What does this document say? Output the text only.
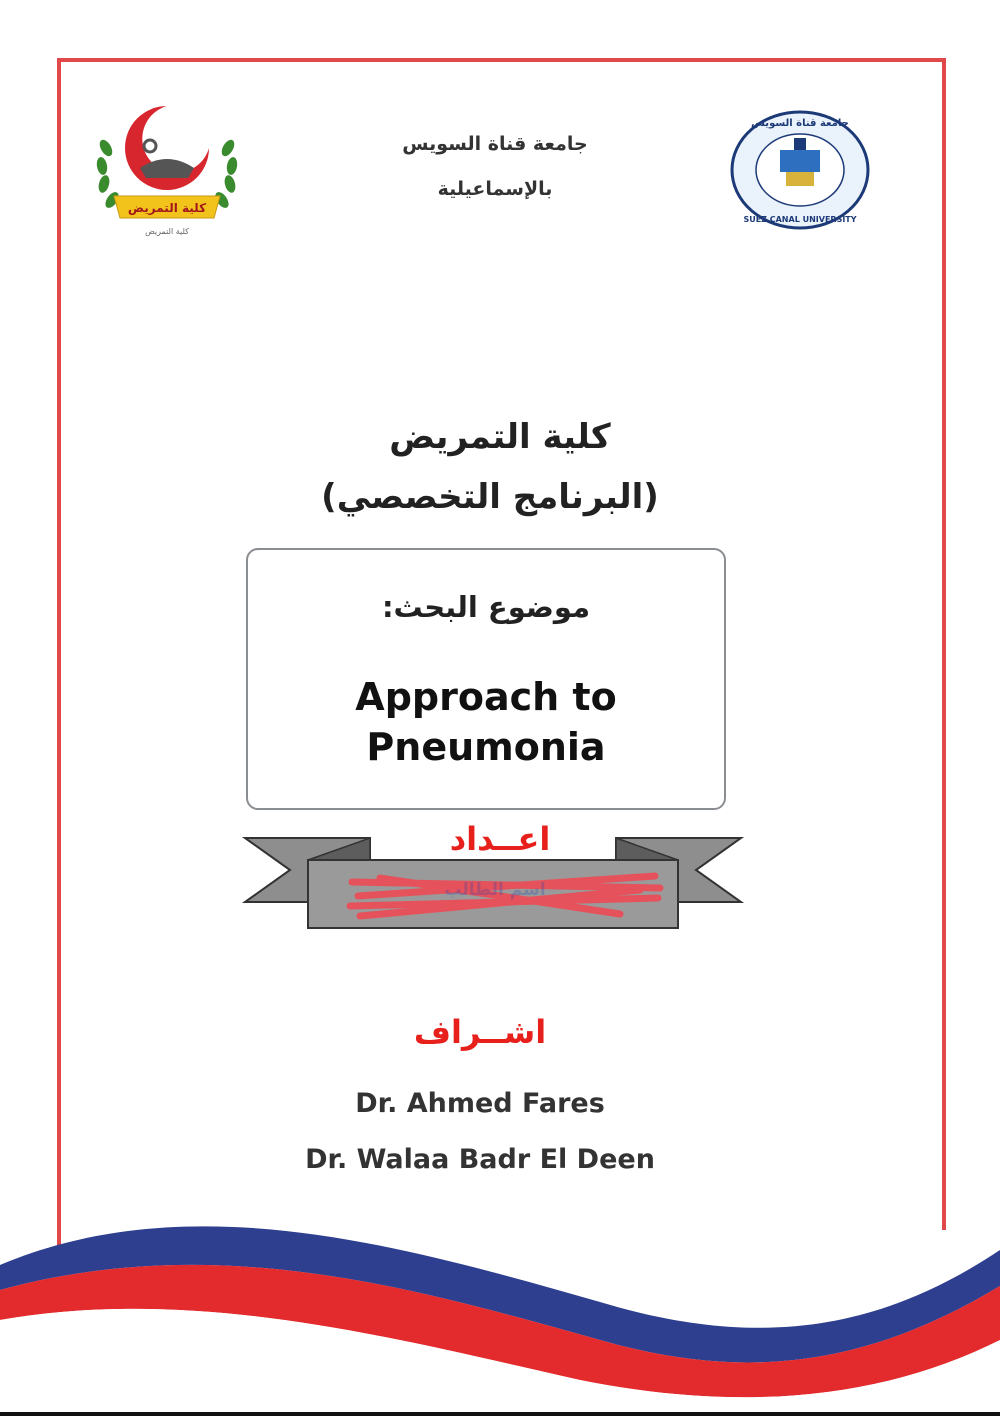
كلية التمريض
كلية التمريض
جامعة قناة السويس
SUEZ CANAL UNIVERSITY
جامعة قناة السويس
بالإسماعيلية
كلية التمريض
(البرنامج التخصصي)
موضوع البحث:
Approach to
Pneumonia
اعــداد
اسم الطالب
اشــراف
Dr. Ahmed Fares
Dr. Walaa Badr El Deen
